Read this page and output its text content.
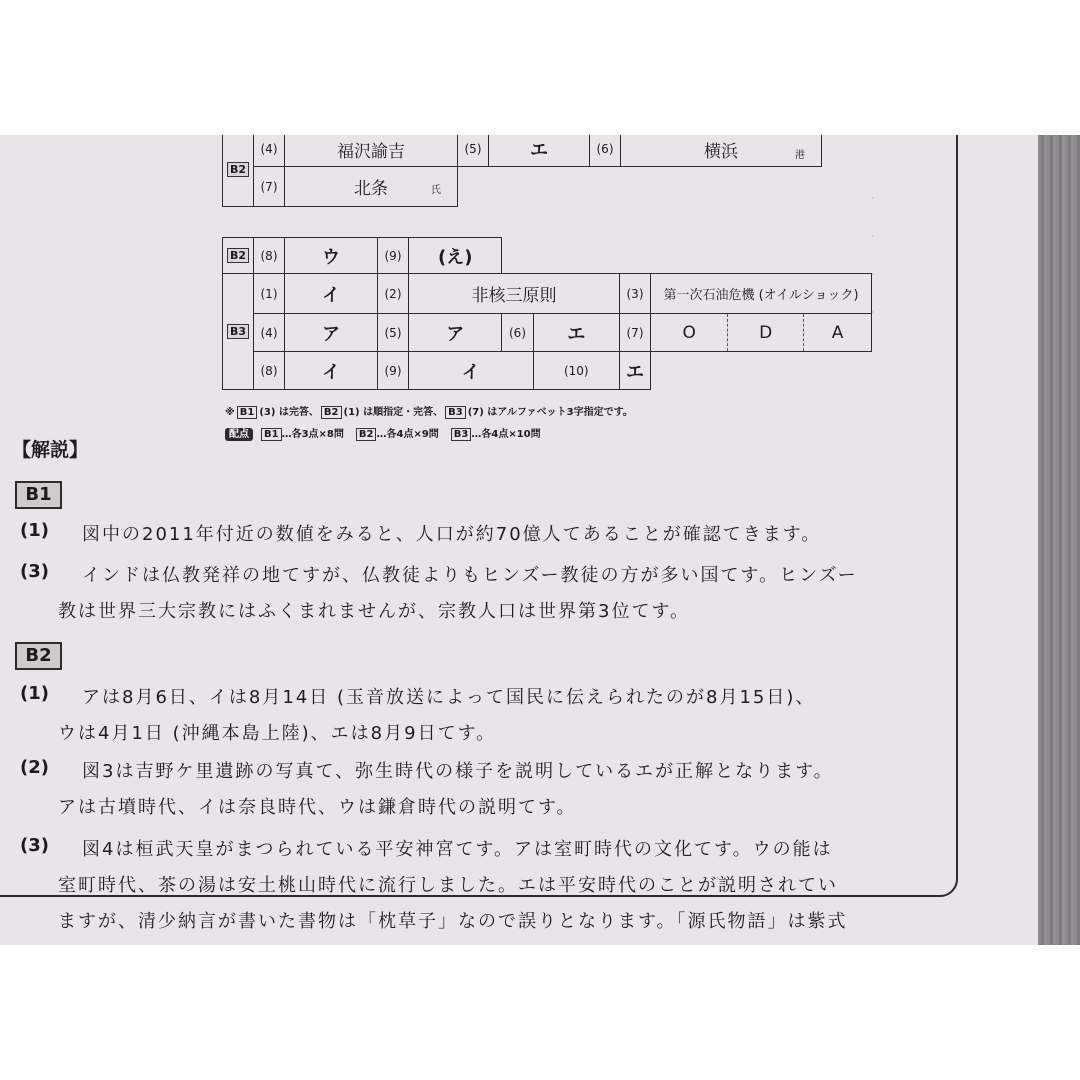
.
.
.
.
B2	(4)	福沢諭吉	(5)	エ	(6)	横浜 港

	(7)	北条 氏				

B2	(8)	ウ	(9)	(え)						
B3	(1)	イ	(2)	非核三原則			(3)	第一次石油危機 (オイルショック)		
	(4)	ア	(5)	ア	(6)	エ	(7)	O	D	A
	(8)	イ	(9)	イ		(10)	エ			
※ B1 (3) は完答、 B2 (1) は順指定・完答、 B3 (7) はアルファベット3字指定です。
配点 B1 …各3点×8問 B2 …各4点×9問 B3 …各4点×10問
【解説】
B1
(1) 図中の2011年付近の数値をみると、人口が約70億人てあることが確認てきます。
(3) インドは仏教発祥の地てすが、仏教徒よりもヒンズー教徒の方が多い国てす。ヒンズー
教は世界三大宗教にはふくまれませんが、宗教人口は世界第3位てす。
B2
(1) アは8月6日、イは8月14日 (玉音放送によって国民に伝えられたのが8月15日)、
ウは4月1日 (沖縄本島上陸)、エは8月9日てす。
(2) 図3は吉野ケ里遺跡の写真て、弥生時代の様子を説明しているエが正解となります。
アは古墳時代、イは奈良時代、ウは鎌倉時代の説明てす。
(3) 図4は桓武天皇がまつられている平安神宮てす。アは室町時代の文化てす。ウの能は
室町時代、茶の湯は安土桃山時代に流行しました。エは平安時代のことが説明されてい
ますが、清少納言が書いた書物は「枕草子」なので誤りとなります。「源氏物語」は紫式
